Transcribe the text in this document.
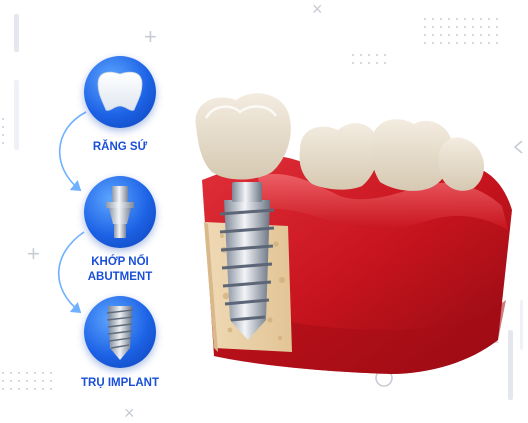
+
+
×
×
RĂNG SỨ
KHỚP NỐI
ABUTMENT
TRỤ IMPLANT
